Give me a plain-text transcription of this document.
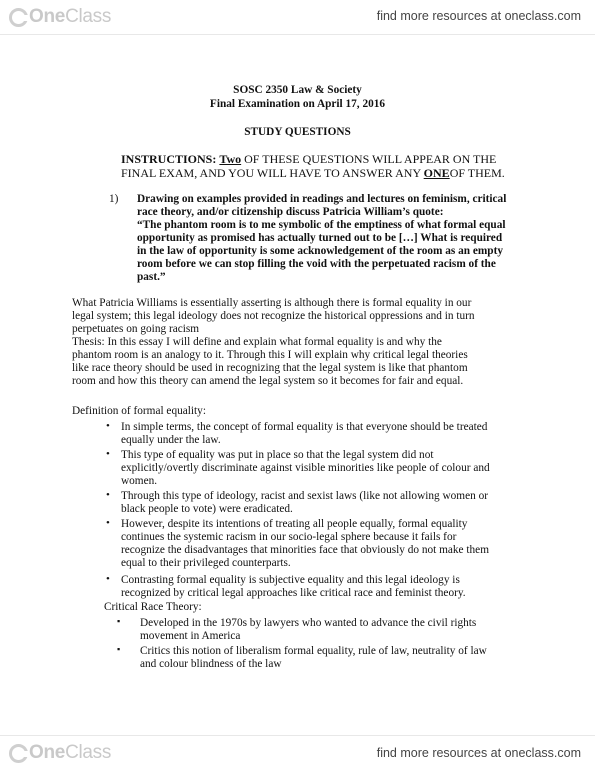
One Class	find more resources at oneclass.com
SOSC 2350 Law & Society
Final Examination on April 17, 2016
STUDY QUESTIONS
INSTRUCTIONS: Two OF THESE QUESTIONS WILL APPEAR ON THE
FINAL EXAM, AND YOU WILL HAVE TO ANSWER ANY ONEOF THEM.
1) Drawing on examples provided in readings and lectures on feminism, critical
race theory, and/or citizenship discuss Patricia William’s quote:
“The phantom room is to me symbolic of the emptiness of what formal equal
opportunity as promised has actually turned out to be […] What is required
in the law of opportunity is some acknowledgement of the room as an empty
room before we can stop filling the void with the perpetuated racism of the
past.”
What Patricia Williams is essentially asserting is although there is formal equality in our
legal system; this legal ideology does not recognize the historical oppressions and in turn
perpetuates on going racism
Thesis: In this essay I will define and explain what formal equality is and why the
phantom room is an analogy to it. Through this I will explain why critical legal theories
like race theory should be used in recognizing that the legal system is like that phantom
room and how this theory can amend the legal system so it becomes for fair and equal.
Definition of formal equality:
• In simple terms, the concept of formal equality is that everyone should be treated
equally under the law.
• This type of equality was put in place so that the legal system did not
explicitly/overtly discriminate against visible minorities like people of colour and
women.
• Through this type of ideology, racist and sexist laws (like not allowing women or
black people to vote) were eradicated.
• However, despite its intentions of treating all people equally, formal equality
continues the systemic racism in our socio-legal sphere because it fails for
recognize the disadvantages that minorities face that obviously do not make them
equal to their privileged counterparts.
• Contrasting formal equality is subjective equality and this legal ideology is
recognized by critical legal approaches like critical race and feminist theory.
Critical Race Theory:
▪ Developed in the 1970s by lawyers who wanted to advance the civil rights
movement in America
▪ Critics this notion of liberalism formal equality, rule of law, neutrality of law
and colour blindness of the law
One Class	find more resources at oneclass.com
